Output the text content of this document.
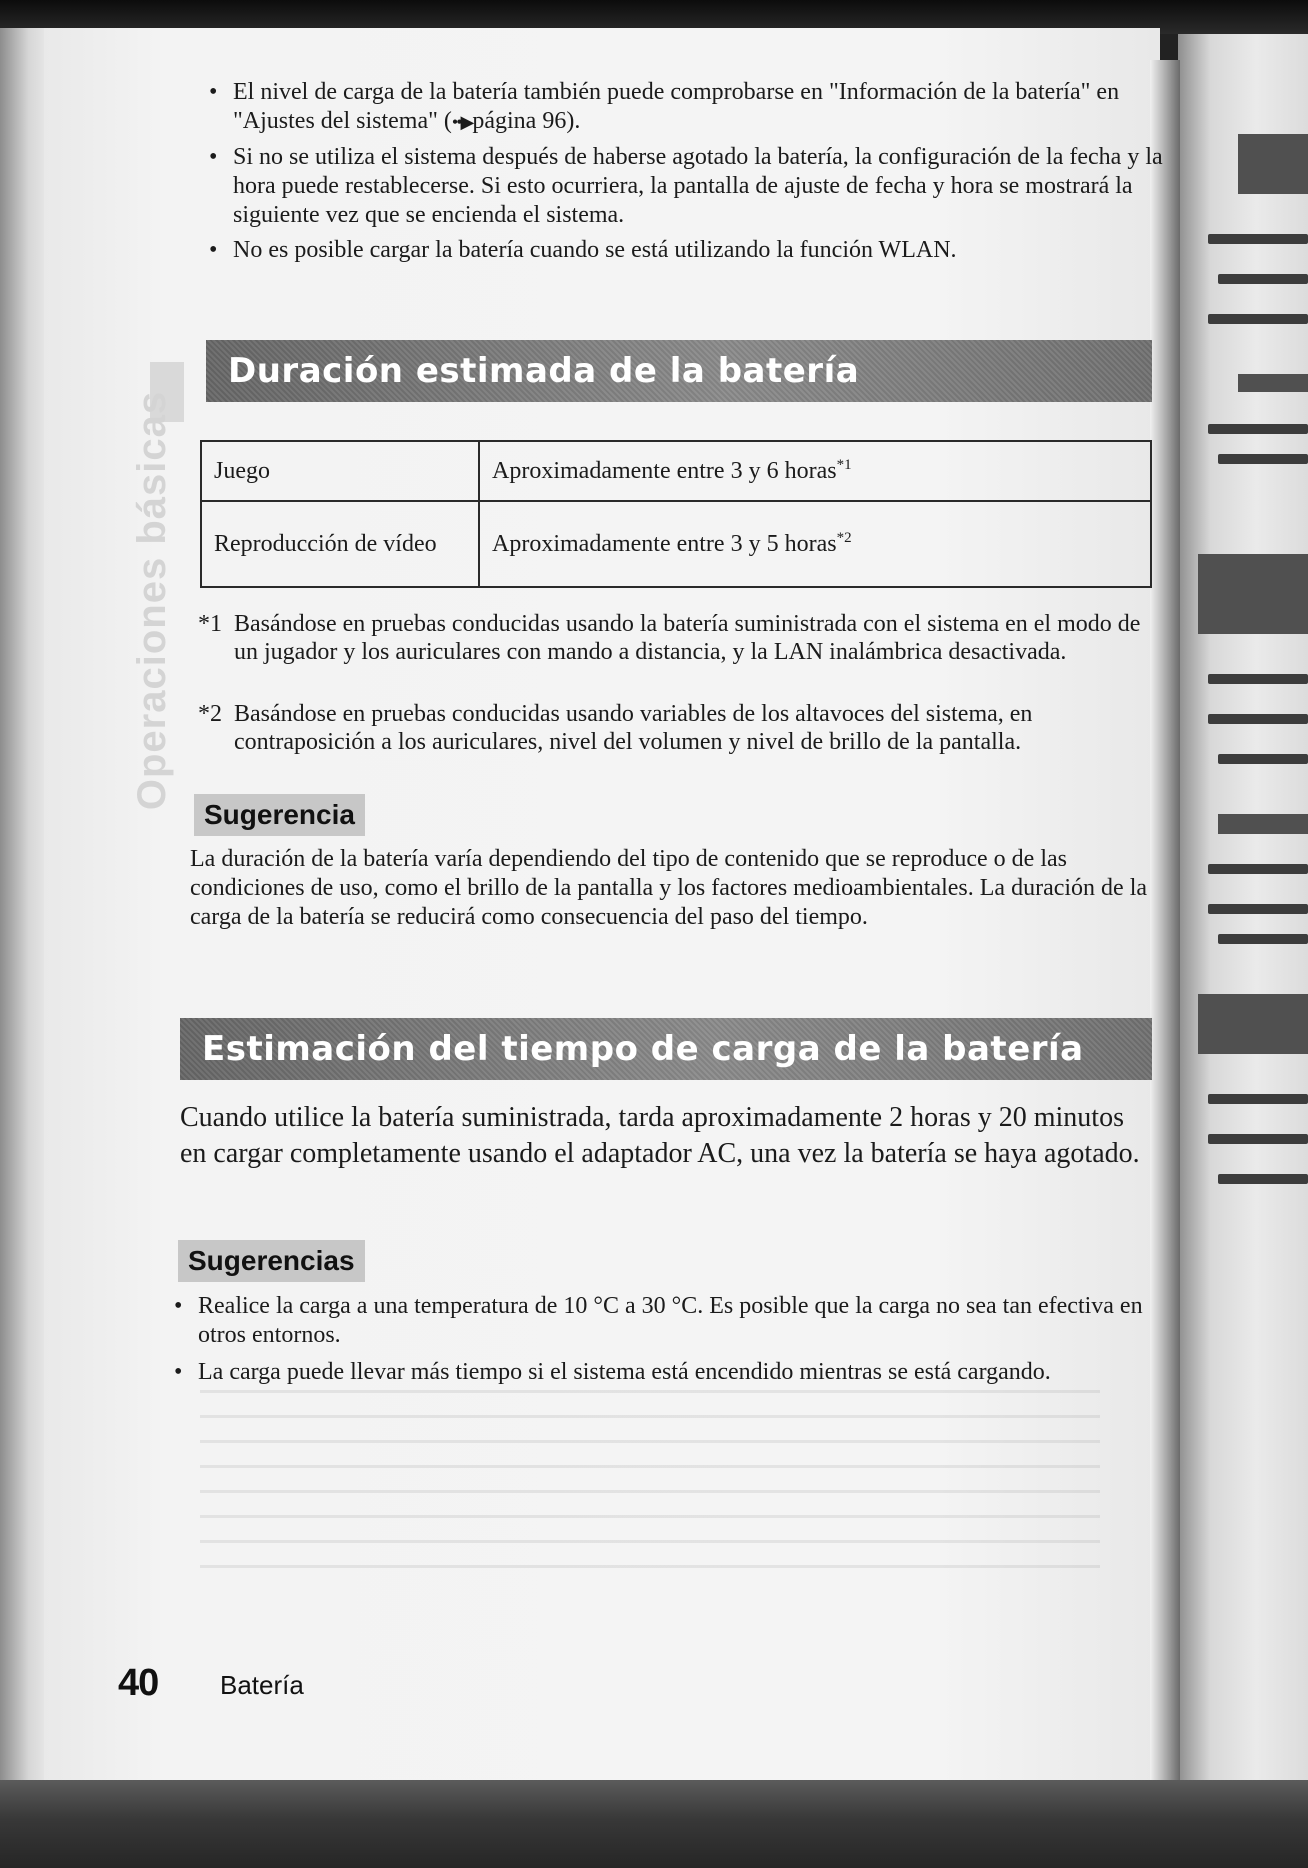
Operaciones básicas
• El nivel de carga de la batería también puede comprobarse en "Información de la batería" en "Ajustes del sistema" (••▶página 96).
• Si no se utiliza el sistema después de haberse agotado la batería, la configuración de la fecha y la hora puede restablecerse. Si esto ocurriera, la pantalla de ajuste de fecha y hora se mostrará la siguiente vez que se encienda el sistema.
• No es posible cargar la batería cuando se está utilizando la función WLAN.
Duración estimada de la batería
Juego	Aproximadamente entre 3 y 6 horas$^{*1}$
Reproducción de vídeo	Aproximadamente entre 3 y 5 horas$^{*2}$
*1 Basándose en pruebas conducidas usando la batería suministrada con el sistema en el modo de un jugador y los auriculares con mando a distancia, y la LAN inalámbrica desactivada.
*2 Basándose en pruebas conducidas usando variables de los altavoces del sistema, en contraposición a los auriculares, nivel del volumen y nivel de brillo de la pantalla.
Sugerencia
La duración de la batería varía dependiendo del tipo de contenido que se reproduce o de las condiciones de uso, como el brillo de la pantalla y los factores medioambientales. La duración de la carga de la batería se reducirá como consecuencia del paso del tiempo.
Estimación del tiempo de carga de la batería
Cuando utilice la batería suministrada, tarda aproximadamente 2 horas y 20 minutos en cargar completamente usando el adaptador AC, una vez la batería se haya agotado.
Sugerencias
• Realice la carga a una temperatura de 10 °C a 30 °C. Es posible que la carga no sea tan efectiva en otros entornos.
• La carga puede llevar más tiempo si el sistema está encendido mientras se está cargando.
40 Batería
